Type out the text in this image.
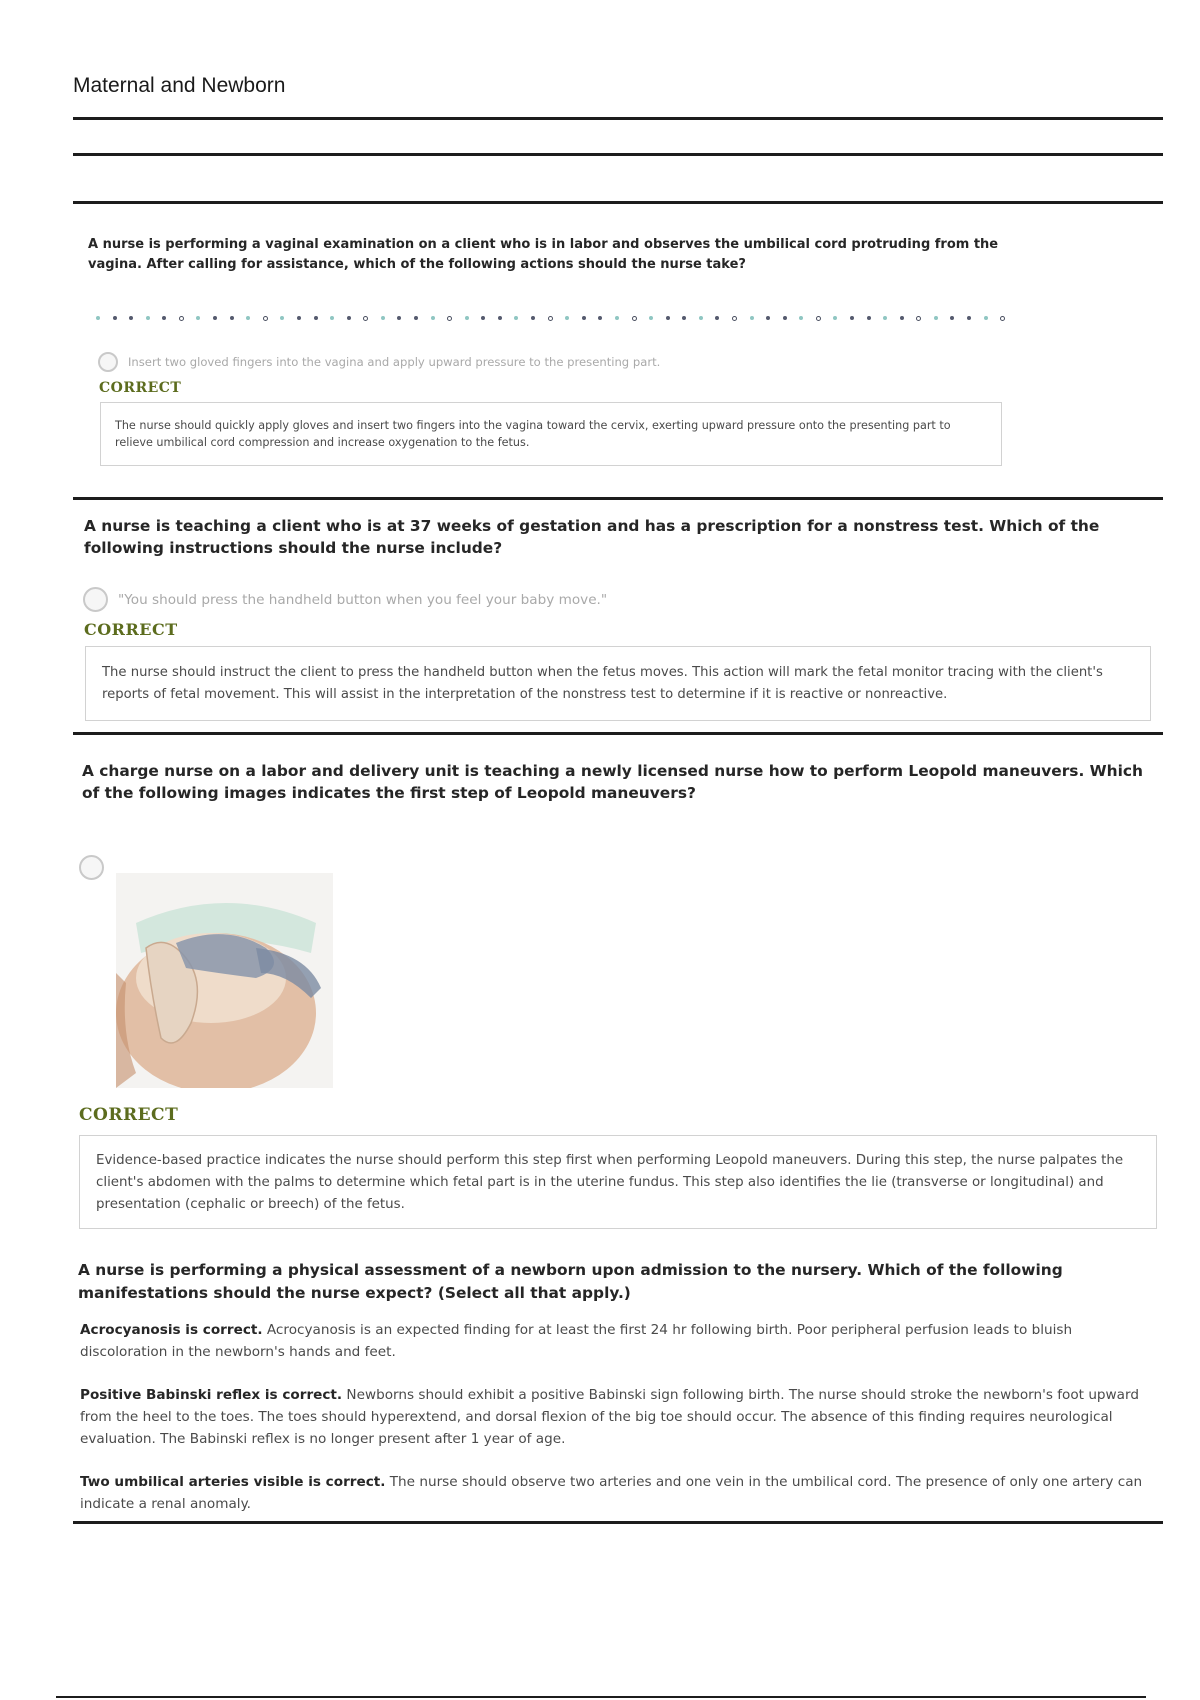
Maternal and Newborn
A nurse is performing a vaginal examination on a client who is in labor and observes the umbilical cord protruding from the vagina. After calling for assistance, which of the following actions should the nurse take?
Insert two gloved fingers into the vagina and apply upward pressure to the presenting part.
CORRECT
The nurse should quickly apply gloves and insert two fingers into the vagina toward the cervix, exerting upward pressure onto the presenting part to relieve umbilical cord compression and increase oxygenation to the fetus.
A nurse is teaching a client who is at 37 weeks of gestation and has a prescription for a nonstress test. Which of the following instructions should the nurse include?
"You should press the handheld button when you feel your baby move."
CORRECT
The nurse should instruct the client to press the handheld button when the fetus moves. This action will mark the fetal monitor tracing with the client's reports of fetal movement. This will assist in the interpretation of the nonstress test to determine if it is reactive or nonreactive.
A charge nurse on a labor and delivery unit is teaching a newly licensed nurse how to perform Leopold maneuvers. Which of the following images indicates the first step of Leopold maneuvers?
CORRECT
Evidence-based practice indicates the nurse should perform this step first when performing Leopold maneuvers. During this step, the nurse palpates the client's abdomen with the palms to determine which fetal part is in the uterine fundus. This step also identifies the lie (transverse or longitudinal) and presentation (cephalic or breech) of the fetus.
A nurse is performing a physical assessment of a newborn upon admission to the nursery. Which of the following manifestations should the nurse expect? (Select all that apply.)
Acrocyanosis is correct. Acrocyanosis is an expected finding for at least the first 24 hr following birth. Poor peripheral perfusion leads to bluish discoloration in the newborn's hands and feet.
Positive Babinski reflex is correct. Newborns should exhibit a positive Babinski sign following birth. The nurse should stroke the newborn's foot upward from the heel to the toes. The toes should hyperextend, and dorsal flexion of the big toe should occur. The absence of this finding requires neurological evaluation. The Babinski reflex is no longer present after 1 year of age.
Two umbilical arteries visible is correct. The nurse should observe two arteries and one vein in the umbilical cord. The presence of only one artery can indicate a renal anomaly.
